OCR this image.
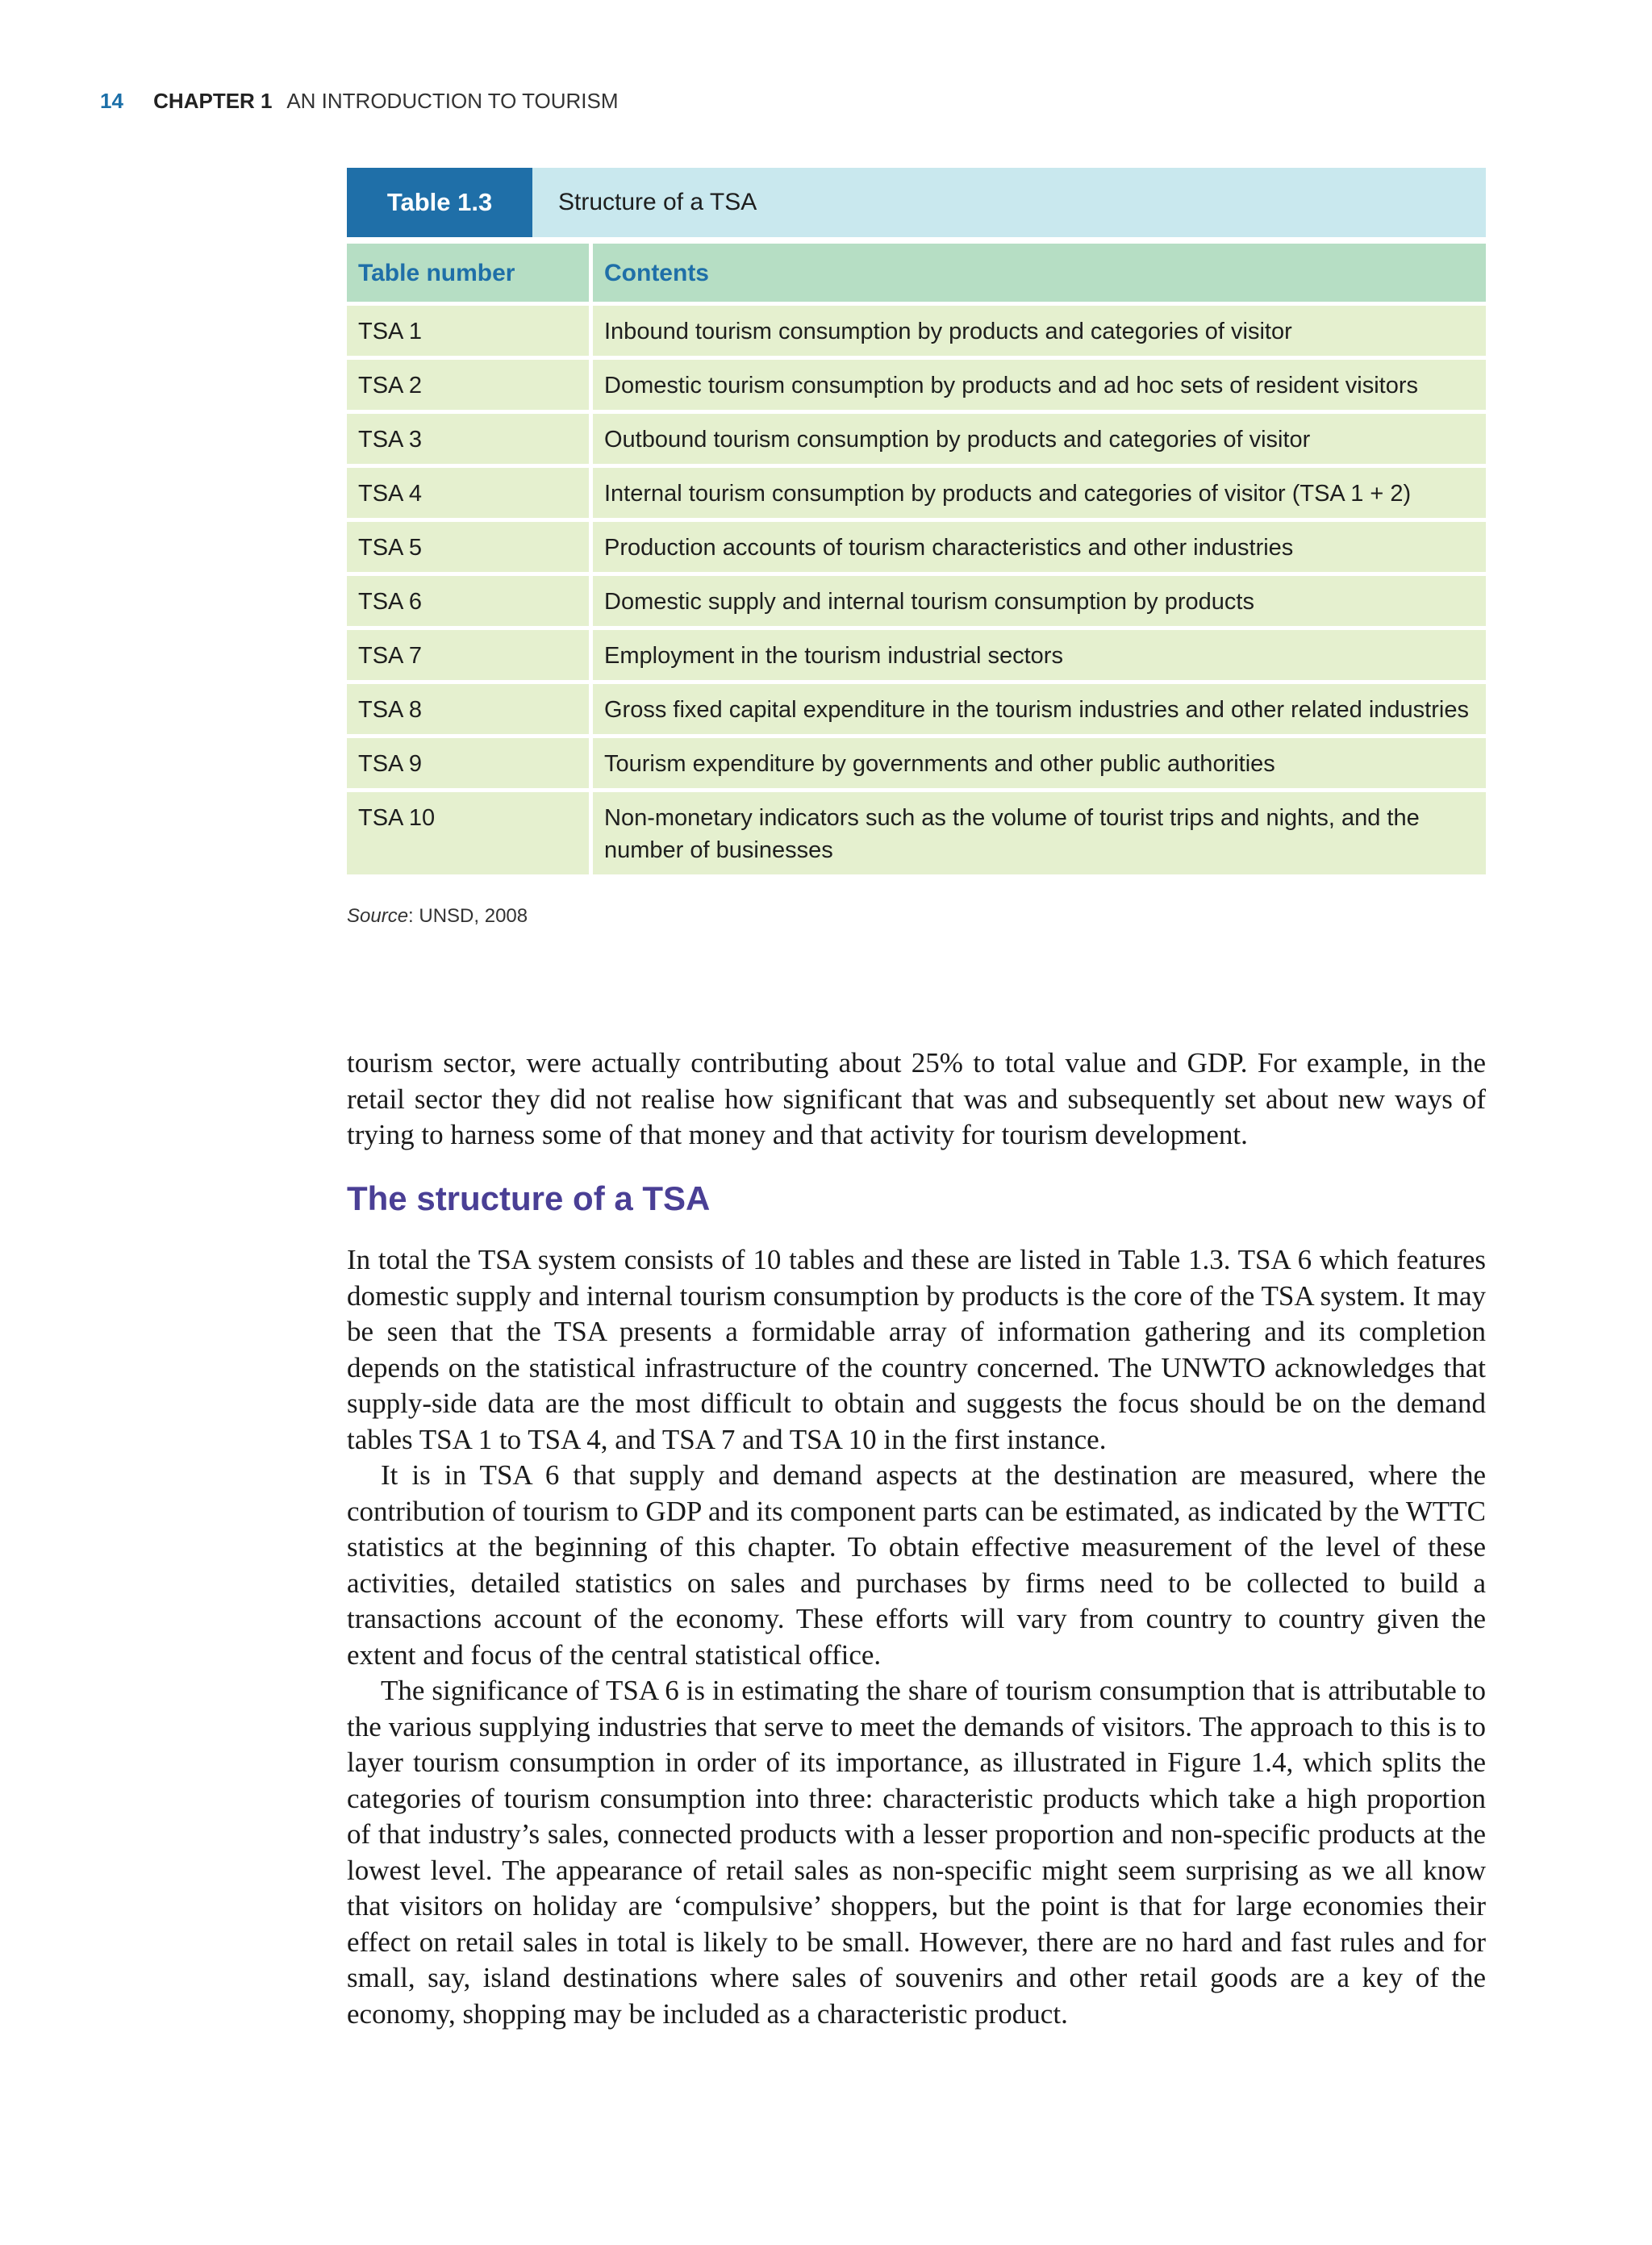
14 CHAPTER 1 AN INTRODUCTION TO TOURISM
Table 1.3	Structure of a TSA
Table number	Contents
TSA 1	Inbound tourism consumption by products and categories of visitor
TSA 2	Domestic tourism consumption by products and ad hoc sets of resident visitors
TSA 3	Outbound tourism consumption by products and categories of visitor
TSA 4	Internal tourism consumption by products and categories of visitor (TSA 1 + 2)
TSA 5	Production accounts of tourism characteristics and other industries
TSA 6	Domestic supply and internal tourism consumption by products
TSA 7	Employment in the tourism industrial sectors
TSA 8	Gross fixed capital expenditure in the tourism industries and other related industries
TSA 9	Tourism expenditure by governments and other public authorities
TSA 10	Non-monetary indicators such as the volume of tourist trips and nights, and the number of businesses
Source: UNSD, 2008

tourism sector, were actually contributing about 25% to total value and GDP. For example, in the retail sector they did not realise how significant that was and subsequently set about new ways of trying to harness some of that money and that activity for tourism development.

The structure of a TSA

In total the TSA system consists of 10 tables and these are listed in Table 1.3. TSA 6 which features domestic supply and internal tourism consumption by products is the core of the TSA system. It may be seen that the TSA presents a formidable array of information gathering and its completion depends on the statistical infrastructure of the country concerned. The UNWTO acknowledges that supply-side data are the most difficult to obtain and suggests the focus should be on the demand tables TSA 1 to TSA 4, and TSA 7 and TSA 10 in the first instance.

It is in TSA 6 that supply and demand aspects at the destination are measured, where the contribution of tourism to GDP and its component parts can be estimated, as indicated by the WTTC statistics at the beginning of this chapter. To obtain effective measurement of the level of these activities, detailed statistics on sales and purchases by firms need to be collected to build a transactions account of the economy. These efforts will vary from country to country given the extent and focus of the central statistical office.

The significance of TSA 6 is in estimating the share of tourism consumption that is attributable to the various supplying industries that serve to meet the demands of visitors. The approach to this is to layer tourism consumption in order of its importance, as illustrated in Figure 1.4, which splits the categories of tourism consumption into three: characteristic products which take a high proportion of that industry’s sales, connected products with a lesser proportion and non-specific products at the lowest level. The appearance of retail sales as non-specific might seem surprising as we all know that visitors on holiday are ‘compulsive’ shoppers, but the point is that for large economies their effect on retail sales in total is likely to be small. However, there are no hard and fast rules and for small, say, island destinations where sales of souvenirs and other retail goods are a key of the economy, shopping may be included as a characteristic product.
